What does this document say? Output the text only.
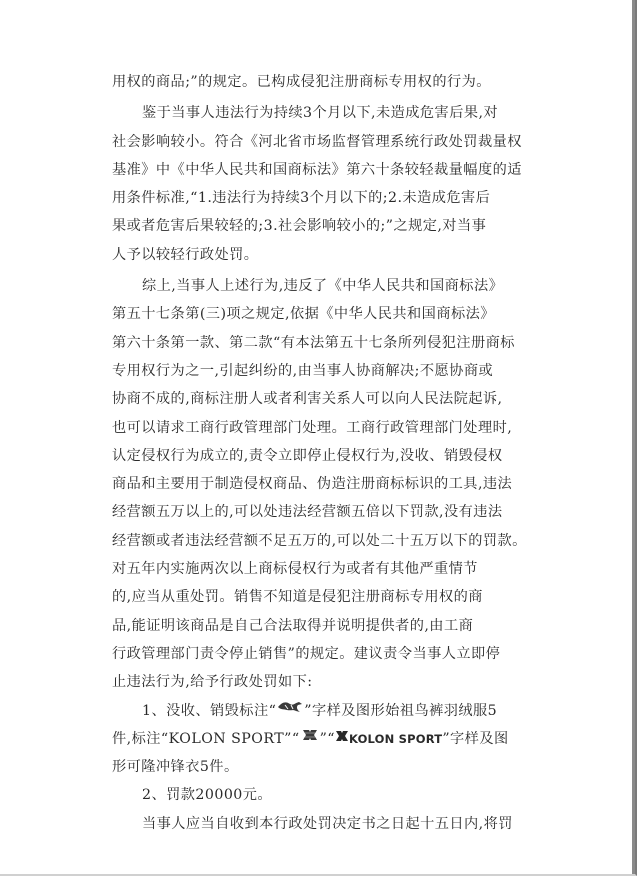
用权的商品;”的规定。已构成侵犯注册商标专用权的行为。
鉴于当事人违法行为持续3个月以下,未造成危害后果,对
社会影响较小。符合《河北省市场监督管理系统行政处罚裁量权
基准》中《中华人民共和国商标法》第六十条较轻裁量幅度的适
用条件标准,“1.违法行为持续3个月以下的;2.未造成危害后
果或者危害后果较轻的;3.社会影响较小的;”之规定,对当事
人予以较轻行政处罚。
综上,当事人上述行为,违反了《中华人民共和国商标法》
第五十七条第(三)项之规定,依据《中华人民共和国商标法》
第六十条第一款、第二款“有本法第五十七条所列侵犯注册商标
专用权行为之一,引起纠纷的,由当事人协商解决;不愿协商或
协商不成的,商标注册人或者利害关系人可以向人民法院起诉,
也可以请求工商行政管理部门处理。工商行政管理部门处理时,
认定侵权行为成立的,责令立即停止侵权行为,没收、销毁侵权
商品和主要用于制造侵权商品、伪造注册商标标识的工具,违法
经营额五万以上的,可以处违法经营额五倍以下罚款,没有违法
经营额或者违法经营额不足五万的,可以处二十五万以下的罚款。
对五年内实施两次以上商标侵权行为或者有其他严重情节
的,应当从重处罚。销售不知道是侵犯注册商标专用权的商
品,能证明该商品是自己合法取得并说明提供者的,由工商
行政管理部门责令停止销售”的规定。建议责令当事人立即停
止违法行为,给予行政处罚如下:
1、没收、销毁标注“ ”字样及图形始祖鸟裤羽绒服5
件,标注“KOLON SPORT”“ ”“ KOLON SPORT”字样及图
形可隆冲锋衣5件。
2、罚款20000元。
当事人应当自收到本行政处罚决定书之日起十五日内,将罚
